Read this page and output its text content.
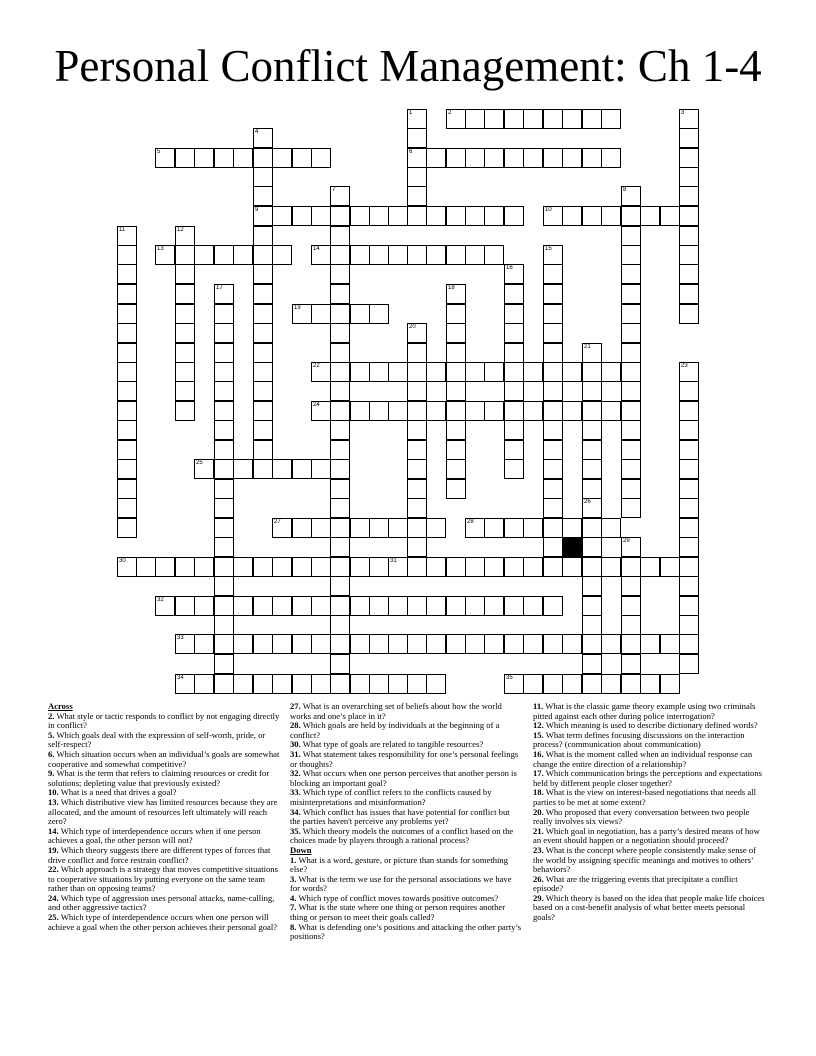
Personal Conflict Management: Ch 1-4
1
6
2	3
4
9
5
7	8
10
11	12
13	14	15
16
17	18
19
20
21
22	23
24
25
26
27	28
29
30	31
32
33
34	35
Across
2. What style or tactic responds to conflict by not engaging directly in conflict?
5. Which goals deal with the expression of self-worth, pride, or self-respect?
6. Which situation occurs when an individual’s goals are somewhat cooperative and somewhat competitive?
9. What is the term that refers to claiming resources or credit for solutions; depleting value that previously existed?
10. What is a need that drives a goal?
13. Which distributive view has limited resources because they are allocated, and the amount of resources left ultimately will reach zero?
14. Which type of interdependence occurs when if one person achieves a goal, the other person will not?
19. Which theory suggests there are different types of forces that drive conflict and force restrain conflict?
22. Which approach is a strategy that moves competitive situations to cooperative situations by putting everyone on the same team rather than on opposing teams?
24. Which type of aggression uses personal attacks, name-calling, and other aggressive tactics?
25. Which type of interdependence occurs when one person will achieve a goal when the other person achieves their personal goal?
27. What is an overarching set of beliefs about how the world works and one’s place in it?
28. Which goals are held by individuals at the beginning of a conflict?
30. What type of goals are related to tangible resources?
31. What statement takes responsibility for one’s personal feelings or thoughts?
32. What occurs when one person perceives that another person is blocking an important goal?
33. Which type of conflict refers to the conflicts caused by misinterpretations and misinformation?
34. Which conflict has issues that have potential for conflict but the parties haven't perceive any problems yet?
35. Which theory models the outcomes of a conflict based on the choices made by players through a rational process?
Down
1. What is a word, gesture, or picture than stands for something else?
3. What is the term we use for the personal associations we have for words?
4. Which type of conflict moves towards positive outcomes?
7. What is the state where one thing or person requires another thing or person to meet their goals called?
8. What is defending one’s positions and attacking the other party’s positions?
11. What is the classic game theory example using two criminals pitted against each other during police interrogation?
12. Which meaning is used to describe dictionary defined words?
15. What term defines focusing discussions on the interaction process? (communication about communication)
16. What is the moment called when an individual response can change the entire direction of a relationship?
17. Which communication brings the perceptions and expectations held by different people closer together?
18. What is the view on interest-based negotiations that needs all parties to be met at some extent?
20. Who proposed that every conversation between two people really involves six views?
21. Which goal in negotiation, has a party’s desired means of how an event should happen or a negotiation should proceed?
23. What is the concept where people consistently make sense of the world by assigning specific meanings and motives to others’ behaviors?
26. What are the triggering events that precipitate a conflict episode?
29. Which theory is based on the idea that people make life choices based on a cost-benefit analysis of what better meets personal goals?
